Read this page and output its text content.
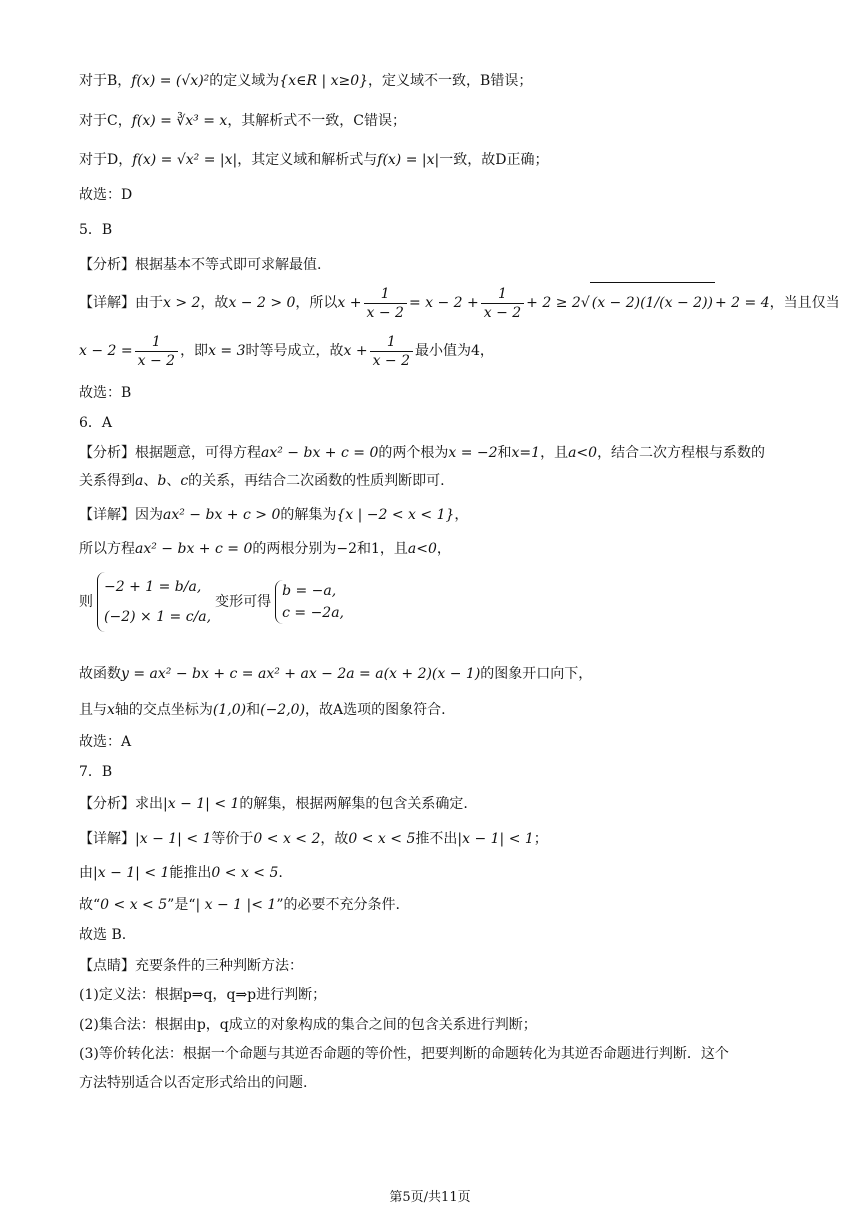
对于B，f(x) = (√x)²的定义域为{x∈R | x≥0}，定义域不一致，B错误；
对于C，f(x) = ∛x³ = x，其解析式不一致，C错误；
对于D，f(x) = √x² = |x|，其定义域和解析式与f(x) = |x|一致，故D正确；
故选：D
5．B
【分析】根据基本不等式即可求解最值.
【详解】由于x > 2，故x − 2 > 0，所以$x + \frac{1}{x - 2} = x - 2 + \frac{1}{x - 2} + 2 \ge 2√$ (x − 2)(1/(x − 2)) + 2 = 4，当且仅当
$x - 2 = \frac{1}{x - 2}$ ，即x = 3时等号成立，故$x + \frac{1}{x - 2}$ 最小值为4，
故选：B
6．A
【分析】根据题意，可得方程ax² − bx + c = 0的两个根为x = −2和x=1，且a<0，结合二次方程根与系数的
关系得到a、b、c的关系，再结合二次函数的性质判断即可.
【详解】因为ax² − bx + c > 0的解集为{x | −2 < x < 1}，
所以方程ax² − bx + c = 0的两根分别为−2和1，且a<0，
则
−2 + 1 = b/a,
(−2) × 1 = c/a,
变形可得
b = −a,
c = −2a,
故函数y = ax² − bx + c = ax² + ax − 2a = a(x + 2)(x − 1)的图象开口向下，
且与x轴的交点坐标为(1,0)和(−2,0)，故A选项的图象符合.
故选：A
7．B
【分析】求出|x − 1| < 1的解集，根据两解集的包含关系确定.
【详解】|x − 1| < 1等价于0 < x < 2，故0 < x < 5推不出|x − 1| < 1；
由|x − 1| < 1能推出0 < x < 5.
故“0 < x < 5”是“| x − 1 |< 1”的必要不充分条件.
故选 B.
【点睛】充要条件的三种判断方法：
(1)定义法：根据p⇒q，q⇒p进行判断；
(2)集合法：根据由p，q成立的对象构成的集合之间的包含关系进行判断；
(3)等价转化法：根据一个命题与其逆否命题的等价性，把要判断的命题转化为其逆否命题进行判断．这个
方法特别适合以否定形式给出的问题.
第5页/共11页
